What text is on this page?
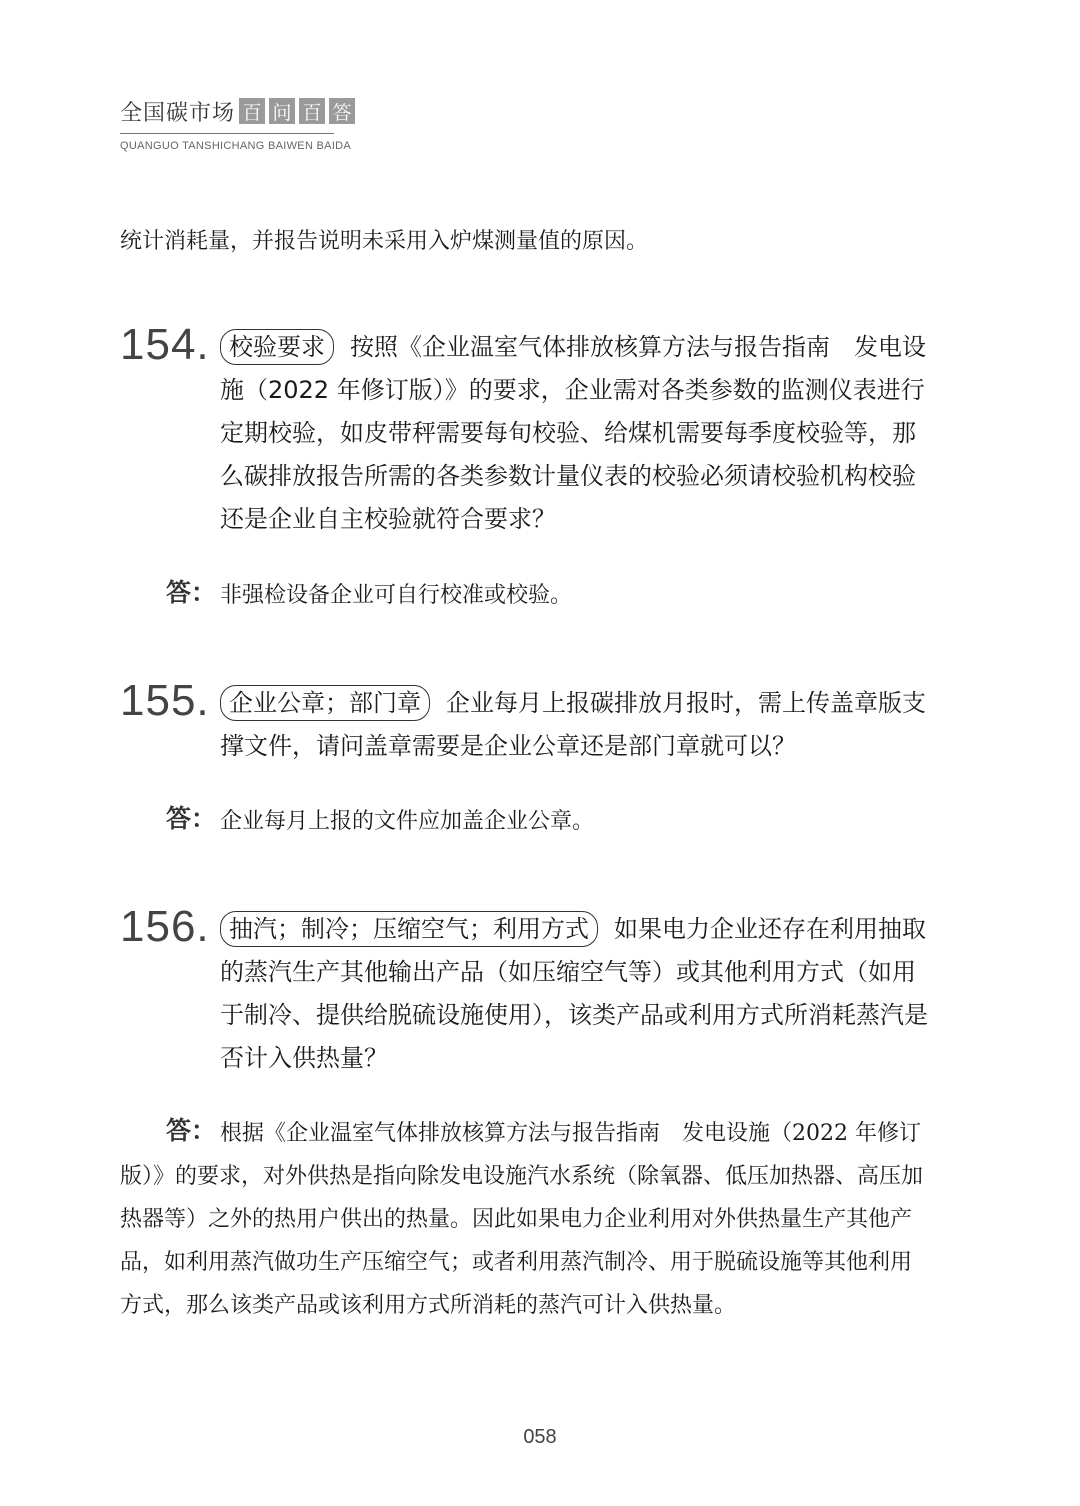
全国碳市场 百 问 百 答
QUANGUO TANSHICHANG BAIWEN BAIDA
统计消耗量，并报告说明未采用入炉煤测量值的原因。
154. 校验要求 按照《企业温室气体排放核算方法与报告指南　发电设施（2022 年修订版）》的要求，企业需对各类参数的监测仪表进行定期校验，如皮带秤需要每旬校验、给煤机需要每季度校验等，那么碳排放报告所需的各类参数计量仪表的校验必须请校验机构校验还是企业自主校验就符合要求？
答： 非强检设备企业可自行校准或校验。
155. 企业公章；部门章 企业每月上报碳排放月报时，需上传盖章版支撑文件，请问盖章需要是企业公章还是部门章就可以？
答： 企业每月上报的文件应加盖企业公章。
156. 抽汽；制冷；压缩空气；利用方式 如果电力企业还存在利用抽取的蒸汽生产其他输出产品（如压缩空气等）或其他利用方式（如用于制冷、提供给脱硫设施使用），该类产品或利用方式所消耗蒸汽是否计入供热量？
答： 根据《企业温室气体排放核算方法与报告指南　发电设施（2022 年修订版）》的要求，对外供热是指向除发电设施汽水系统（除氧器、低压加热器、高压加热器等）之外的热用户供出的热量。因此如果电力企业利用对外供热量生产其他产品，如利用蒸汽做功生产压缩空气；或者利用蒸汽制冷、用于脱硫设施等其他利用方式，那么该类产品或该利用方式所消耗的蒸汽可计入供热量。
058
